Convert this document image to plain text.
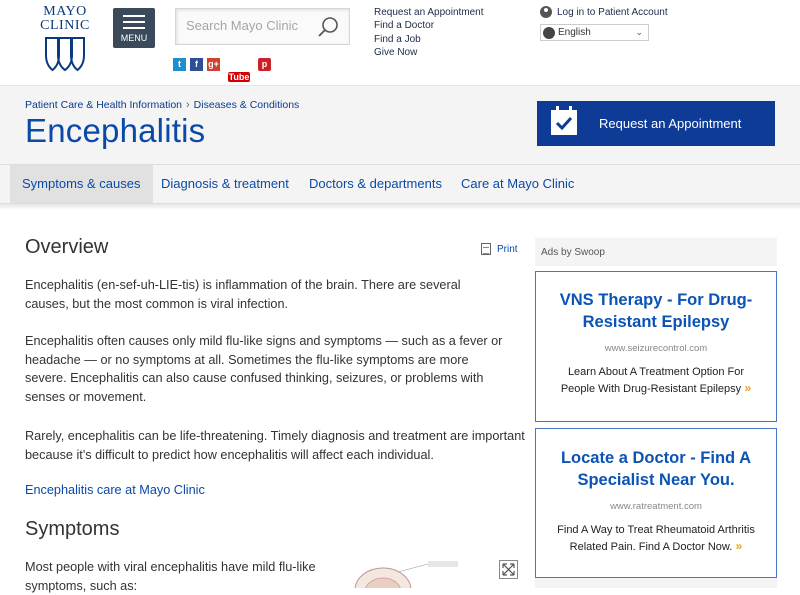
MAYO
CLINIC
MENU
Search Mayo Clinic
t f g+ YouTubep
Request an Appointment
Find a Doctor
Find a Job
Give Now
Log in to Patient Account
English	⌄
Patient Care & Health Information › Diseases & Conditions
Encephalitis	Request an Appointment
Symptoms & causes	Diagnosis & treatment	Doctors & departments	Care at Mayo Clinic
Overview	Print

Encephalitis (en-sef-uh-LIE-tis) is inflammation of the brain. There are several causes, but the most common is viral infection.

Encephalitis often causes only mild flu-like signs and symptoms — such as a fever or headache — or no symptoms at all. Sometimes the flu-like symptoms are more severe. Encephalitis can also cause confused thinking, seizures, or problems with senses or movement.

Rarely, encephalitis can be life-threatening. Timely diagnosis and treatment are important because it's difficult to predict how encephalitis will affect each individual.

Encephalitis care at Mayo Clinic
Symptoms

Most people with viral encephalitis have mild flu-like symptoms, such as:

Ads by Swoop
VNS Therapy - For Drug-Resistant Epilepsy
www.seizurecontrol.com
Learn About A Treatment Option For People With Drug-Resistant Epilepsy »
Locate a Doctor - Find A Specialist Near You.
www.ratreatment.com
Find A Way to Treat Rheumatoid Arthritis Related Pain. Find A Doctor Now. »
